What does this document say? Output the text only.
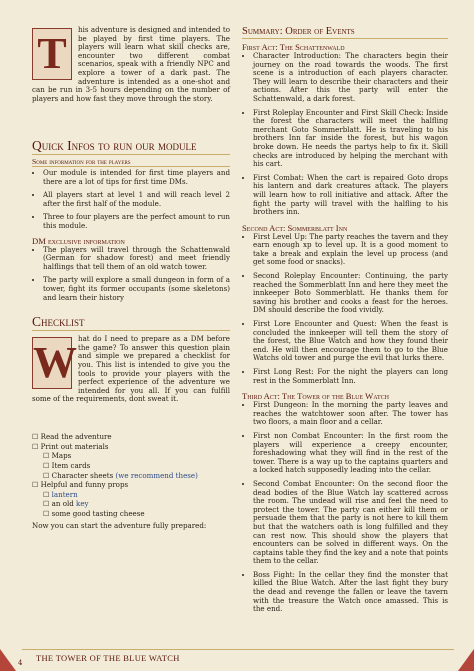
T	his adventure is designed and intended to be played by first time players. The players will learn what skill checks are, encounter two different combat scenarios, speak with a friendly NPC and explore a tower of a dark past. The adventure is intended as a one-shot and can be run in 3-5 hours depending on the number of players and how fast they move through the story.

Quick Infos to run our module
Some information for the players
• Our module is intended for first time players and there are a lot of tips for first time DMs.
• All players start at level 1 and will reach level 2 after the first half of the module.
• Three to four players are the perfect amount to run this module.
DM exclusive information
• The players will travel through the Schattenwald (German for shadow forest) and meet friendly halflings that tell them of an old watch tower.
• The party will explore a small dungeon in form of a tower, fight its former occupants (some skeletons) and learn their history
Checklist
W hat do I need to prepare as a DM before the game? To answer this question plain and simple we prepared a checklist for you. This list is intended to give you the tools to provide your players with the perfect experience of the adventure we intended for you all. If you can fulfill some of the requirements, dont sweat it.

☐ Read the adventure
☐ Print out materials
☐ Maps
☐ Item cards
☐ Character sheets (we recommend these)
☐ Helpful and funny props
☐ lantern
☐ an old key
☐ some good tasting cheese

Now you can start the adventure fully prepared:

Summary: Order of Events
First Act: The Schattenwald
• Character Introduction: The characters begin their journey on the road towards the woods. The first scene is a introduction of each players character. They will learn to describe their characters and their actions. After this the party will enter the Schattenwald, a dark forest.
• First Roleplay Encounter and First Skill Check: Inside the forest the characters will meet the halfling merchant Goto Sommerblatt. He is traveling to his brothers Inn far inside the forest, but his wagon broke down. He needs the partys help to fix it. Skill checks are introduced by helping the merchant with his cart.
• First Combat: When the cart is repaired Goto drops his lantern and dark creatures attack. The players will learn how to roll initiative and attack. After the fight the party will travel with the halfling to his brothers inn.
Second Act: Sommerblatt Inn
• First Level Up: The party reaches the tavern and they earn enough xp to level up. It is a good moment to take a break and explain the level up process (and get some food or snacks).
• Second Roleplay Encounter: Continuing, the party reached the Sommerblatt Inn and here they meet the innkeeper Boto Sommerblatt. He thanks them for saving his brother and cooks a feast for the heroes. DM should describe the food vividly.
• First Lore Encounter and Quest: When the feast is concluded the innkeeper will tell them the story of the forest, the Blue Watch and how they found their end. He will then encourage them to go to the Blue Watchs old tower and purge the evil that lurks there.
• First Long Rest: For the night the players can long rest in the Sommerblatt Inn.
Third Act: The Tower of the Blue Watch
• First Dungeon: In the morning the party leaves and reaches the watchtower soon after. The tower has two floors, a main floor and a cellar.
• First non Combat Encounter: In the first room the players will experience a creepy encounter, foreshadowing what they will find in the rest of the tower. There is a way up to the captains quarters and a locked hatch supposedly leading into the cellar.
• Second Combat Encounter: On the second floor the dead bodies of the Blue Watch lay scattered across the room. The undead will rise and feel the need to protect the tower. The party can either kill them or persuade them that the party is not here to kill them but that the watchers oath is long fulfilled and they can rest now. This should show the players that encounters can be solved in different ways. On the captains table they find the key and a note that points them to the cellar.
• Boss Fight: In the cellar they find the monster that killed the Blue Watch. After the last fight they bury the dead and revenge the fallen or leave the tavern with the treasure the Watch once amassed. This is the end.
THE TOWER OF THE BLUE WATCH
4
